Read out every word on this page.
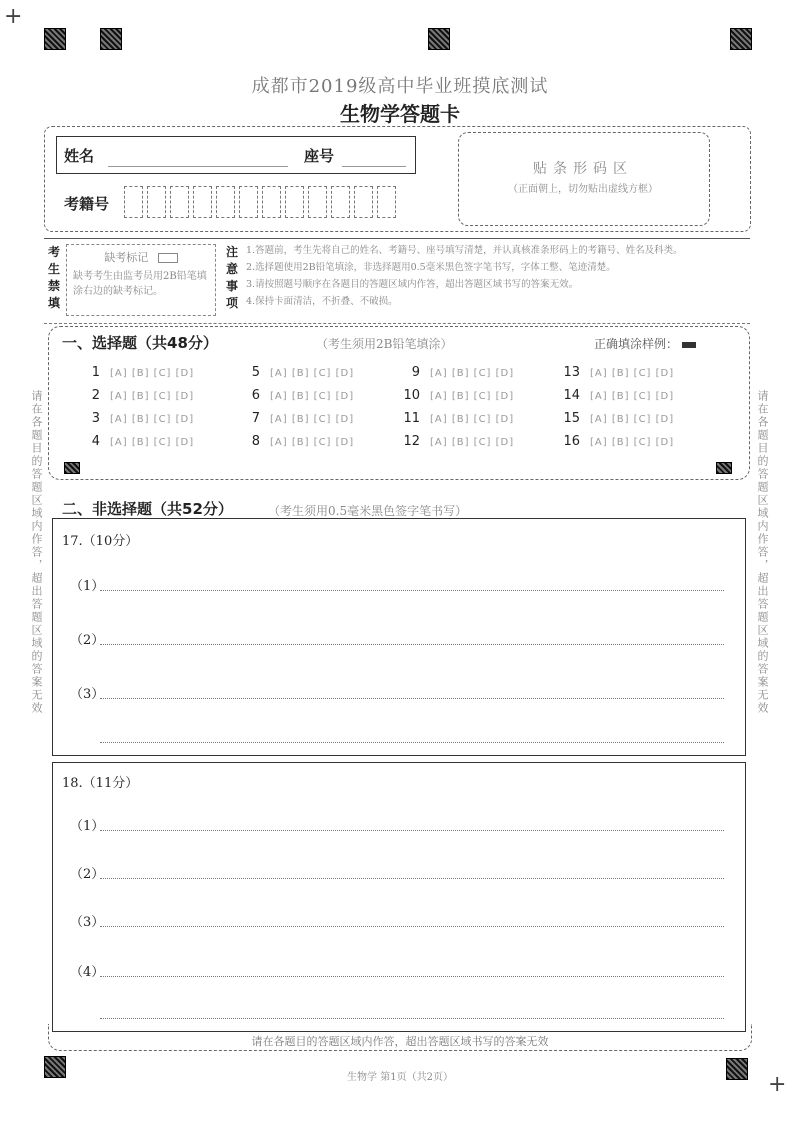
+
+
成都市2019级高中毕业班摸底测试
生物学答题卡
姓名	座号
考籍号
贴条形码区
（正面朝上，切勿贴出虚线方框）
考
生
禁
填
缺考标记
缺考考生由监考员用2B铅笔填涂右边的缺考标记。
注
意
事
项
1.答题前，考生先将自己的姓名、考籍号、座号填写清楚，并认真核准条形码上的考籍号、姓名及科类。
2.选择题使用2B铅笔填涂，非选择题用0.5毫米黑色签字笔书写，字体工整、笔迹清楚。
3.请按照题号顺序在各题目的答题区域内作答，超出答题区域书写的答案无效。
4.保持卡面清洁，不折叠、不破损。
一、选择题（共48分）	（考生须用2B铅笔填涂）	正确填涂样例：
1 [A] [B] [C] [D]
2 [A] [B] [C] [D]
3 [A] [B] [C] [D]
4 [A] [B] [C] [D]
5 [A] [B] [C] [D]
6 [A] [B] [C] [D]
7 [A] [B] [C] [D]
8 [A] [B] [C] [D]
9 [A] [B] [C] [D]
10 [A] [B] [C] [D]
11 [A] [B] [C] [D]
12 [A] [B] [C] [D]
13 [A] [B] [C] [D]
14 [A] [B] [C] [D]
15 [A] [B] [C] [D]
16 [A] [B] [C] [D]
二、非选择题（共52分）	（考生须用0.5毫米黑色签字笔书写）
17.（10分）
（1）
（2）
（3）
18.（11分）
（1）
（2）
（3）
（4）
请在各题目的答题区域内作答，超出答题区域的答案无效	请在各题目的答题区域内作答，超出答题区域的答案无效
请在各题目的答题区域内作答，超出答题区域书写的答案无效
生物学 第1页（共2页）
